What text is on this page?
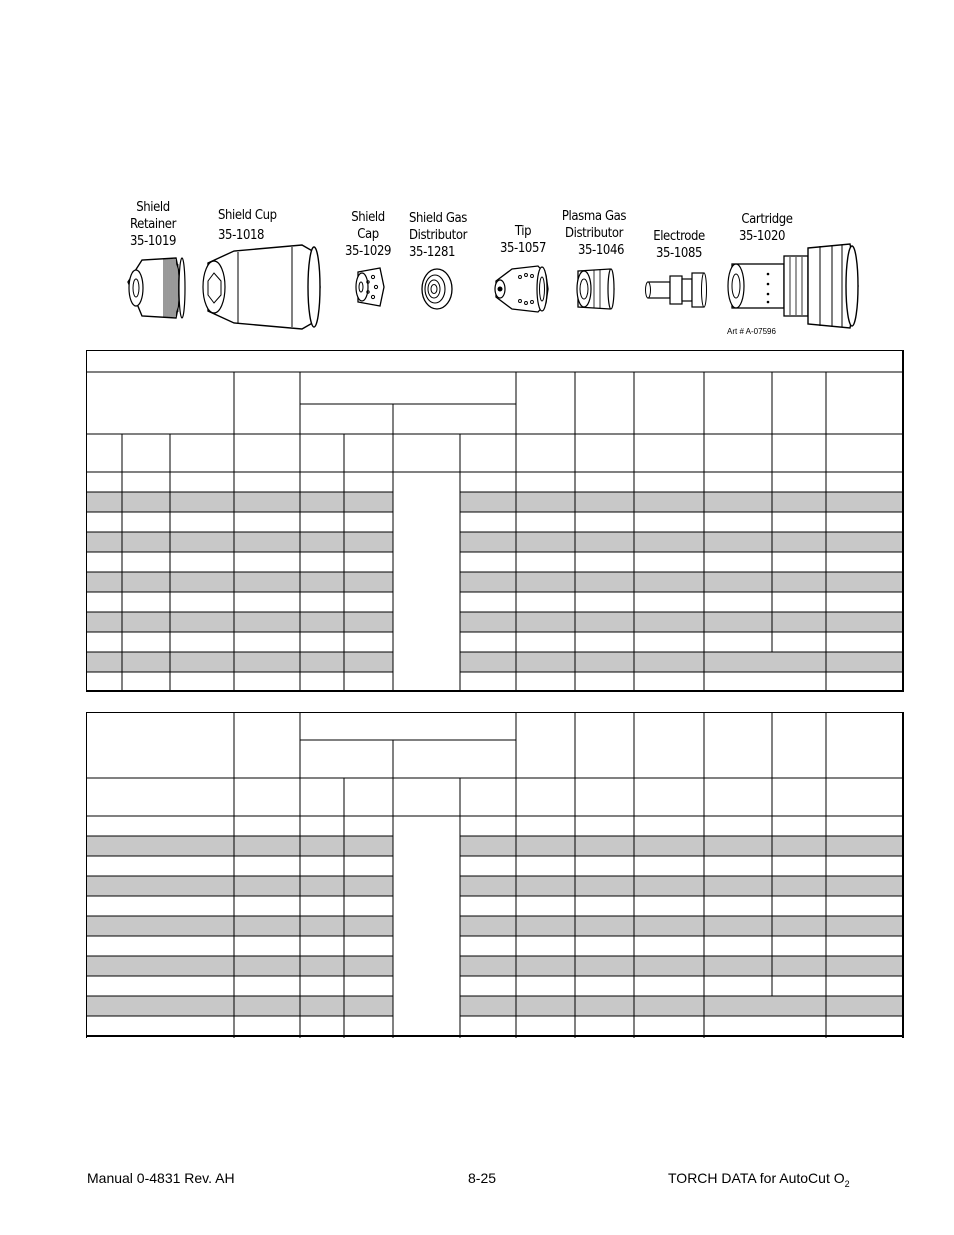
Shield
Retainer
35-1019
Shield Cup
35-1018
Shield
Cap
35-1029
Shield Gas
Distributor
35-1281
Tip
35-1057
Plasma Gas
Distributor
35-1046
Electrode
35-1085
Cartridge
35-1020
Art # A-07596
Manual 0-4831 Rev. AH	8-25	TORCH DATA for AutoCut $O_2$
